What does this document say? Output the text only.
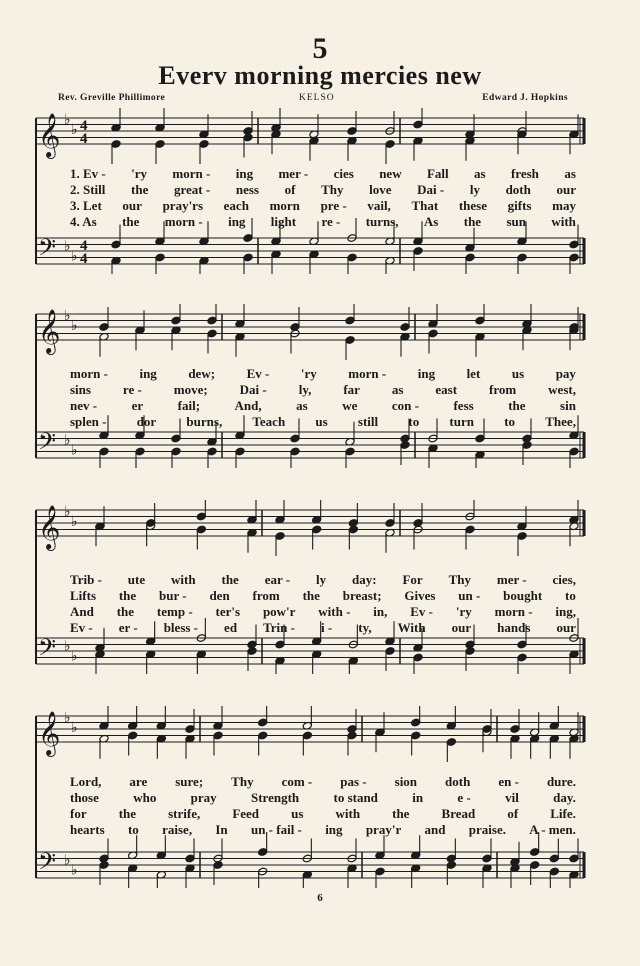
5
Everv morning mercies new
Rev. Greville Phillimore	KELSO	Edward J. Hopkins
𝄞
𝄢
♭
♭
♭
♭
4
4
4
4
𝄞
𝄢
♭
♭
♭
♭
𝄞
𝄢
♭
♭
♭
♭
𝄞
𝄢
♭
♭
♭
♭
6
1. Ev - 'ry morn - ing mer - cies new Fall as fresh as
2. Still the great - ness of Thy love Dai - ly doth our
3. Let our pray'rs each morn pre - vail, That these gifts may
4. As the morn - ing light re - turns, As the sun with
morn - ing dew; Ev - 'ry morn - ing let us pay
sins re - move; Dai - ly, far as east from west,
nev -	er	fail;	And,	as	we	con -	fess	the	sin
splen - dor burns, Teach us still to turn to Thee,
Trib - ute with the ear - ly day: For Thy mer - cies,
Lifts the bur - den from the breast; Gives un - bought to
And the temp - ter's pow'r with - in, Ev - 'ry morn - ing,
Ev - er - bless - ed Trin - i - ty, With our hands our
Lord, are sure; Thy com - pas - sion doth en - dure.
those	who	pray	Strength	to stand	in	e -	vil	day.
for the strife, Feed us with the Bread of Life.
hearts to raise, In un - fail - ing pray'r and praise. A - men.
